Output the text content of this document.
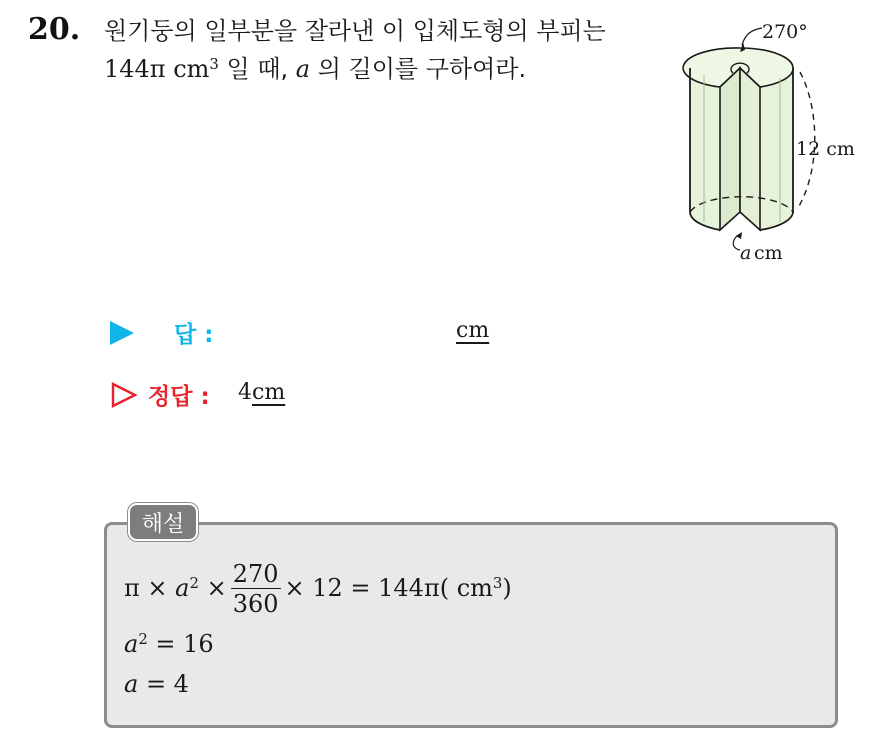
20. 원기둥의 일부분을 잘라낸 이 입체도형의 부피는
144π $cm^3$ 일 때, a 의 길이를 구하여라.
270°
12 cm
a cm
답 :	cm
정답 : 4cm
해설
$\pi \times a^2 \times \frac{270}{360} \times 12 = 144\pi$( $cm^3$)
$a^2 = 16$
a = 4
